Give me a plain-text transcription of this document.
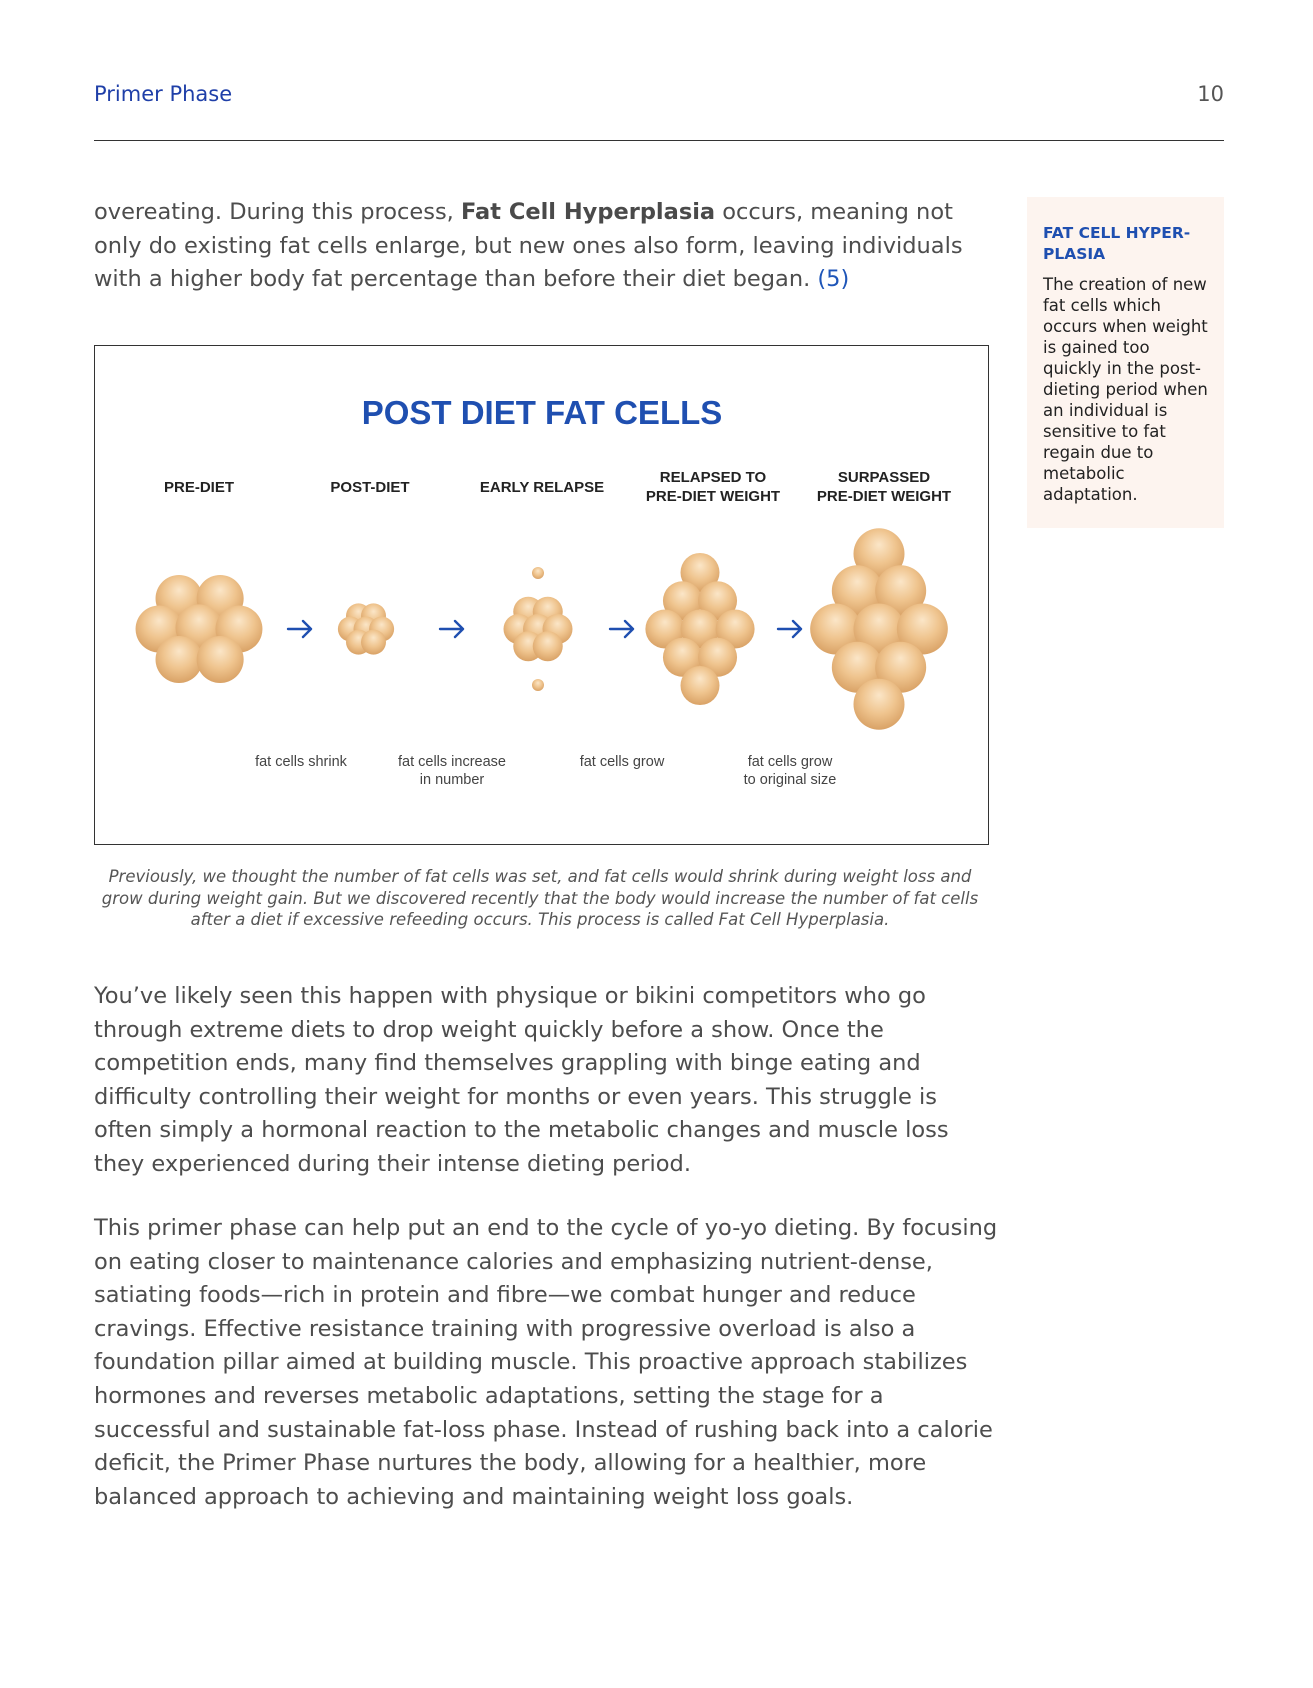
Primer Phase	10

overeating. During this process, Fat Cell Hyperplasia occurs, meaning not only do existing fat cells enlarge, but new ones also form, leaving individuals with a higher body fat percentage than before their diet began. (5)

POST DIET FAT CELLS
PRE-DIET	POST-DIET	EARLY RELAPSE
RELAPSED TO
PRE-DIET WEIGHT
SURPASSED
PRE-DIET WEIGHT
fat cells shrink	fat cells increase
in number
fat cells grow	fat cells grow
to original size
Previously, we thought the number of fat cells was set, and fat cells would shrink during weight loss and grow during weight gain. But we discovered recently that the body would increase the number of fat cells after a diet if excessive refeeding occurs. This process is called Fat Cell Hyperplasia.

You’ve likely seen this happen with physique or bikini competitors who go through extreme diets to drop weight quickly before a show. Once the competition ends, many find themselves grappling with binge eating and difficulty controlling their weight for months or even years. This struggle is often simply a hormonal reaction to the metabolic changes and muscle loss they experienced during their intense dieting period.

This primer phase can help put an end to the cycle of yo-yo dieting. By focusing on eating closer to maintenance calories and emphasizing nutrient-dense, satiating foods—rich in protein and fibre—we combat hunger and reduce cravings. Effective resistance training with progressive overload is also a foundation pillar aimed at building muscle. This proactive approach stabilizes hormones and reverses metabolic adaptations, setting the stage for a successful and sustainable fat-loss phase. Instead of rushing back into a calorie deficit, the Primer Phase nurtures the body, allowing for a healthier, more balanced approach to achieving and maintaining weight loss goals.

FAT CELL HYPER-PLASIA
The creation of new fat cells which occurs when weight is gained too quickly in the post-dieting period when an individual is sensitive to fat regain due to metabolic adaptation.
